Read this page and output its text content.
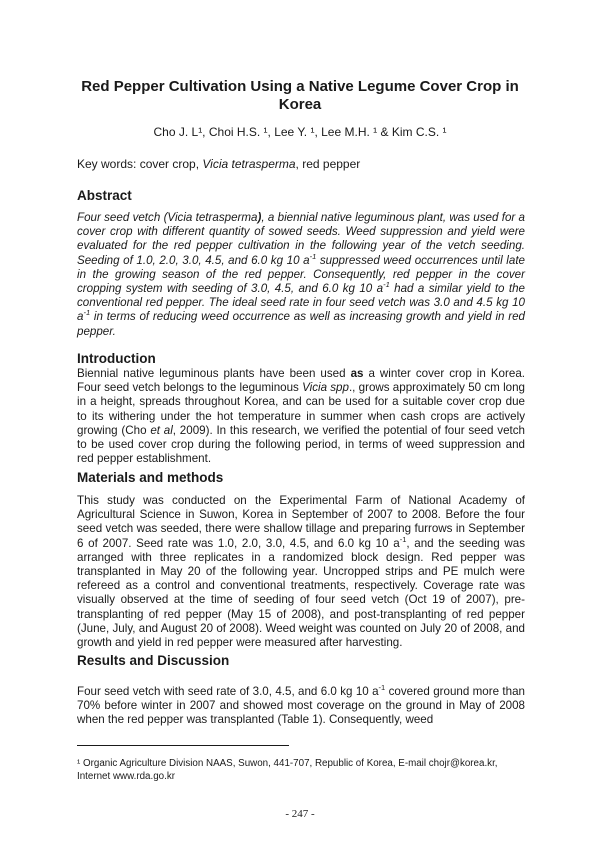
Red Pepper Cultivation Using a Native Legume Cover Crop in Korea
Cho J. L¹, Choi H.S. ¹, Lee Y. ¹, Lee M.H. ¹ & Kim C.S. ¹
Key words: cover crop, Vicia tetrasperma, red pepper
Abstract
Four seed vetch (Vicia tetrasperma), a biennial native leguminous plant, was used for a cover crop with different quantity of sowed seeds. Weed suppression and yield were evaluated for the red pepper cultivation in the following year of the vetch seeding. Seeding of 1.0, 2.0, 3.0, 4.5, and 6.0 kg 10 $a^{-1}$ suppressed weed occurrences until late in the growing season of the red pepper. Consequently, red pepper in the cover cropping system with seeding of 3.0, 4.5, and 6.0 kg 10 $a^{-1}$ had a similar yield to the conventional red pepper. The ideal seed rate in four seed vetch was 3.0 and 4.5 kg 10 $a^{-1}$ in terms of reducing weed occurrence as well as increasing growth and yield in red pepper.
Introduction
Biennial native leguminous plants have been used as a winter cover crop in Korea. Four seed vetch belongs to the leguminous Vicia spp., grows approximately 50 cm long in a height, spreads throughout Korea, and can be used for a suitable cover crop due to its withering under the hot temperature in summer when cash crops are actively growing (Cho et al, 2009). In this research, we verified the potential of four seed vetch to be used cover crop during the following period, in terms of weed suppression and red pepper establishment.
Materials and methods
This study was conducted on the Experimental Farm of National Academy of Agricultural Science in Suwon, Korea in September of 2007 to 2008. Before the four seed vetch was seeded, there were shallow tillage and preparing furrows in September 6 of 2007. Seed rate was 1.0, 2.0, 3.0, 4.5, and 6.0 kg 10 $a^{-1}$, and the seeding was arranged with three replicates in a randomized block design. Red pepper was transplanted in May 20 of the following year. Uncropped strips and PE mulch were refereed as a control and conventional treatments, respectively. Coverage rate was visually observed at the time of seeding of four seed vetch (Oct 19 of 2007), pre-transplanting of red pepper (May 15 of 2008), and post-transplanting of red pepper (June, July, and August 20 of 2008). Weed weight was counted on July 20 of 2008, and growth and yield in red pepper were measured after harvesting.
Results and Discussion
Four seed vetch with seed rate of 3.0, 4.5, and 6.0 kg 10 $a^{-1}$ covered ground more than 70% before winter in 2007 and showed most coverage on the ground in May of 2008 when the red pepper was transplanted (Table 1). Consequently, weed
¹ Organic Agriculture Division NAAS, Suwon, 441-707, Republic of Korea, E-mail chojr@korea.kr, Internet www.rda.go.kr
- 247 -
